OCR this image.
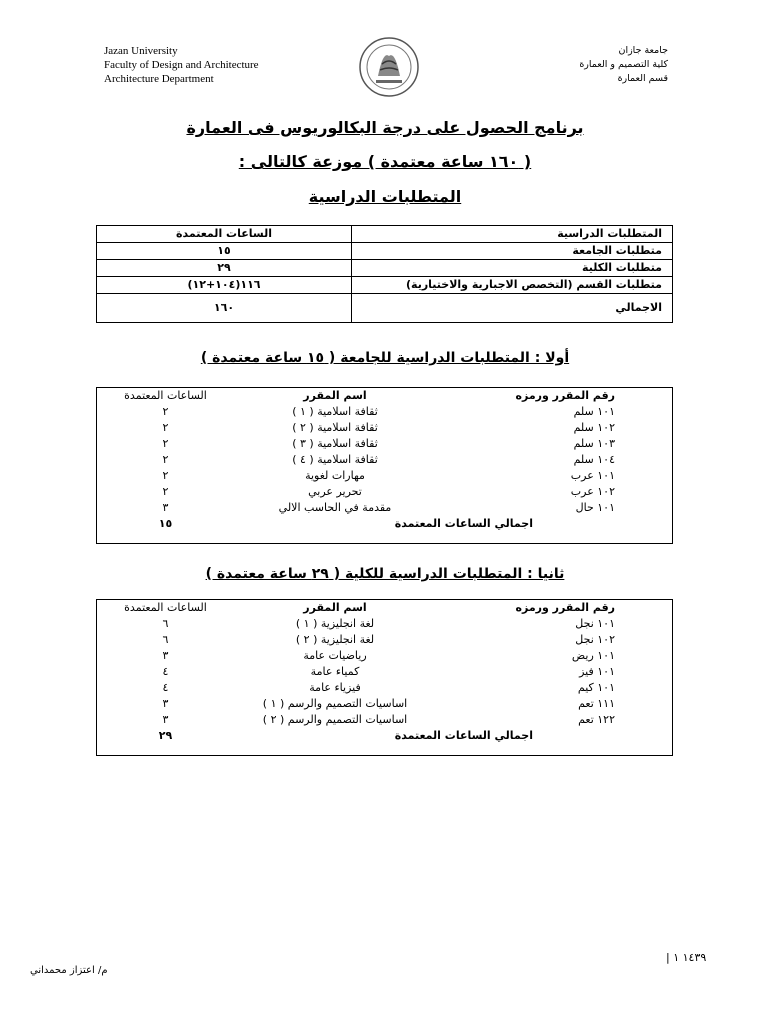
Jazan University
Faculty of Design and Architecture
Architecture Department
جامعة جازان
كلية التصميم و العمارة
قسم العمارة
برنامج الحصول على درجة البكالوريوس فى العمارة
( ١٦٠ ساعة معتمدة ) موزعة كالتالى :
المتطلبات الدراسية
المتطلبات الدراسية	الساعات المعتمدة
متطلبات الجامعة	١٥
متطلبات الكلية	٢٩
متطلبات القسم (التخصص الاجبارية والاختيارية)	١١٦(١٠٤+١٢)
الاجمالي	١٦٠
أولا : المتطلبات الدراسية للجامعة ( ١٥ ساعة معتمدة )
رقم المقرر ورمزه	اسم المقرر	الساعات المعتمدة
١٠١ سلم	ثقافة اسلامية ( ١ )	٢
١٠٢ سلم	ثقافة اسلامية ( ٢ )	٢
١٠٣ سلم	ثقافة اسلامية ( ٣ )	٢
١٠٤ سلم	ثقافة اسلامية ( ٤ )	٢
١٠١ عرب	مهارات لغوية	٢
١٠٢ عرب	تحرير عربي	٢
١٠١ حال	مقدمة في الحاسب الالي	٣
اجمالي الساعات المعتمدة		١٥
ثانيا : المتطلبات الدراسية للكلية ( ٢٩ ساعة معتمدة )
رقم المقرر ورمزه	اسم المقرر	الساعات المعتمدة
١٠١ نجل	لغة انجليزية ( ١ )	٦
١٠٢ نجل	لغة انجليزية ( ٢ )	٦
١٠١ ريض	رياضيات عامة	٣
١٠١ فيز	كمياء عامة	٤
١٠١ كيم	فيزياء عامة	٤
١١١ تعم	اساسيات التصميم والرسم ( ١ )	٣
١٢٢ تعم	اساسيات التصميم والرسم ( ٢ )	٣
اجمالي الساعات المعتمدة		٢٩
١٤٣٩ ١ |
م/ اعتزاز محمداني
